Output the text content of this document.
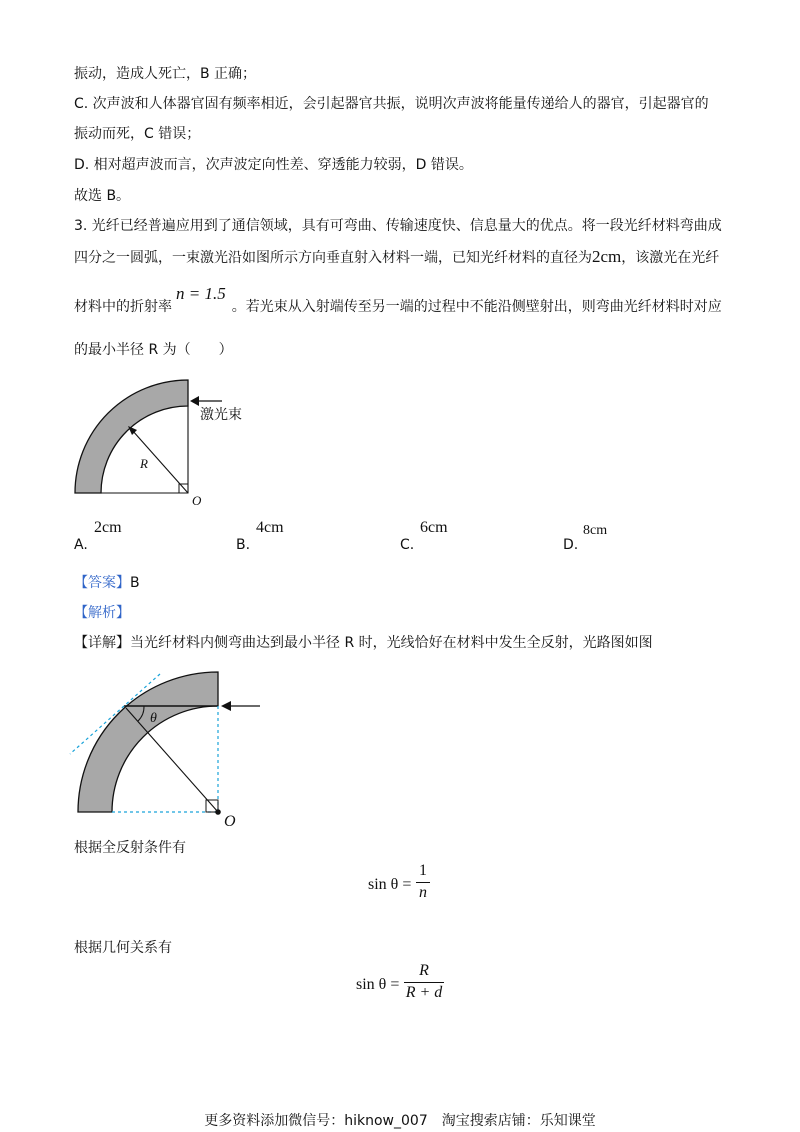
振动，造成人死亡，B 正确；
C. 次声波和人体器官固有频率相近，会引起器官共振，说明次声波将能量传递给人的器官，引起器官的
振动而死，C 错误；
D. 相对超声波而言，次声波定向性差、穿透能力较弱，D 错误。
故选 B。
3. 光纤已经普遍应用到了通信领域，具有可弯曲、传输速度快、信息量大的优点。将一段光纤材料弯曲成
四分之一圆弧，一束激光沿如图所示方向垂直射入材料一端，已知光纤材料的直径为2cm，该激光在光纤
材料中的折射率n = 1.5。若光束从入射端传至另一端的过程中不能沿侧壁射出，则弯曲光纤材料时对应
的最小半径 R 为（　　）
激光束
R
O
A.
2cm
B.
4cm
C.
6cm
D.
8cm
【答案】B
【解析】
【详解】当光纤材料内侧弯曲达到最小半径 R 时，光线恰好在材料中发生全反射，光路图如图
θ
O
根据全反射条件有
$\sin \theta = \frac{1}{n}$
根据几何关系有
$\sin \theta = \frac{R}{R + d}$
更多资料添加微信号：hiknow_007　淘宝搜索店铺：乐知课堂
